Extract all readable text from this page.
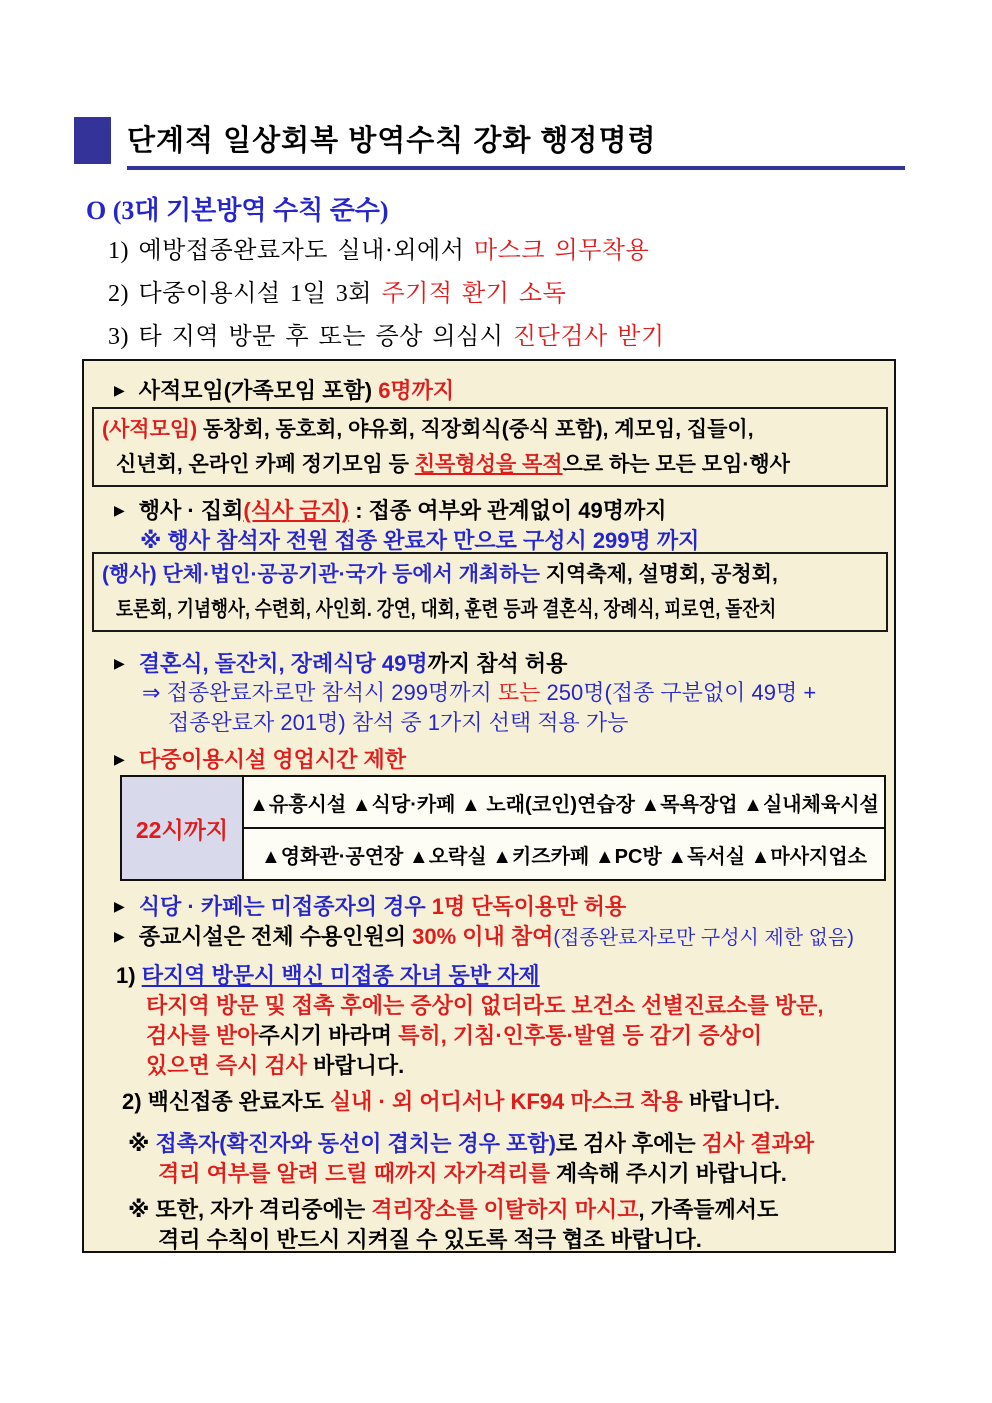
단계적 일상회복 방역수칙 강화 행정명령
O (3대 기본방역 수칙 준수)
1) 예방접종완료자도 실내·외에서 마스크 의무착용
2) 다중이용시설 1일 3회 주기적 환기 소독
3) 타 지역 방문 후 또는 증상 의심시 진단검사 받기
▶ 사적모임(가족모임 포함) 6명까지
(사적모임) 동창회, 동호회, 야유회, 직장회식(중식 포함), 계모임, 집들이,
신년회, 온라인 카페 정기모임 등 친목형성을 목적으로 하는 모든 모임·행사
▶ 행사 · 집회(식사 금지) : 접종 여부와 관계없이 49명까지
※ 행사 참석자 전원 접종 완료자 만으로 구성시 299명 까지
(행사) 단체·법인·공공기관·국가 등에서 개최하는 지역축제, 설명회, 공청회,
토론회, 기념행사, 수련회, 사인회. 강연, 대회, 훈련 등과 결혼식, 장례식, 피로연, 돌잔치
▶ 결혼식, 돌잔치, 장례식당 49명까지 참석 허용
⇒ 접종완료자로만 참석시 299명까지 또는 250명(접종 구분없이 49명 +
접종완료자 201명) 참석 중 1가지 선택 적용 가능
▶ 다중이용시설 영업시간 제한
22시까지
▲유흥시설 ▲식당·카페 ▲ 노래(코인)연습장 ▲목욕장업 ▲실내체육시설
▲영화관·공연장 ▲오락실 ▲키즈카페 ▲PC방 ▲독서실 ▲마사지업소
▶ 식당 · 카페는 미접종자의 경우 1명 단독이용만 허용
▶ 종교시설은 전체 수용인원의 30% 이내 참여(접종완료자로만 구성시 제한 없음)
1) 타지역 방문시 백신 미접종 자녀 동반 자제
타지역 방문 및 접촉 후에는 증상이 없더라도 보건소 선별진료소를 방문,
검사를 받아주시기 바라며 특히, 기침·인후통·발열 등 감기 증상이
있으면 즉시 검사 바랍니다.
2) 백신접종 완료자도 실내 · 외 어디서나 KF94 마스크 착용 바랍니다.
※ 접촉자(확진자와 동선이 겹치는 경우 포함)로 검사 후에는 검사 결과와
격리 여부를 알려 드릴 때까지 자가격리를 계속해 주시기 바랍니다.
※ 또한, 자가 격리중에는 격리장소를 이탈하지 마시고, 가족들께서도
격리 수칙이 반드시 지켜질 수 있도록 적극 협조 바랍니다.
